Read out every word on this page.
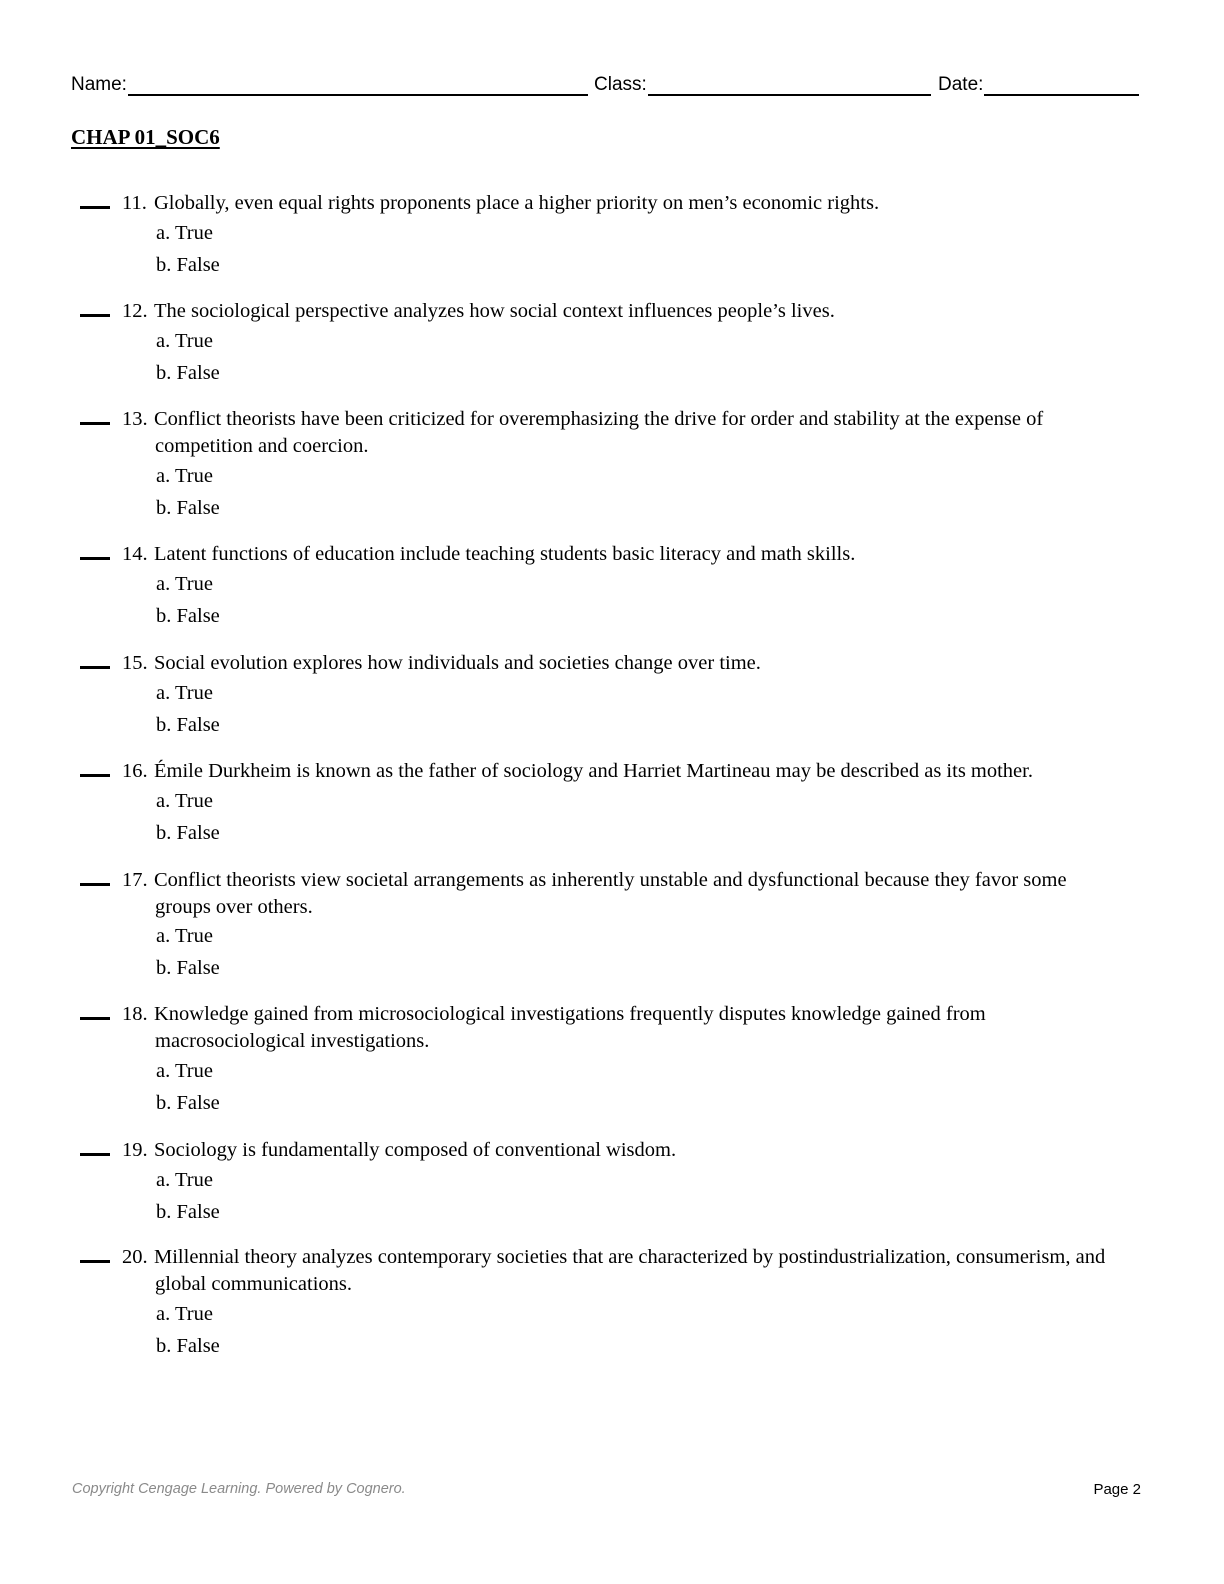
Name:	Class:	Date:
CHAP 01_SOC6
11. Globally, even equal rights proponents place a higher priority on men’s economic rights.
a. True
b. False
12. The sociological perspective analyzes how social context influences people’s lives.
a. True
b. False
13. Conflict theorists have been criticized for overemphasizing the drive for order and stability at the expense of competition and coercion.
a. True
b. False
14. Latent functions of education include teaching students basic literacy and math skills.
a. True
b. False
15. Social evolution explores how individuals and societies change over time.
a. True
b. False
16. Émile Durkheim is known as the father of sociology and Harriet Martineau may be described as its mother.
a. True
b. False
17. Conflict theorists view societal arrangements as inherently unstable and dysfunctional because they favor some groups over others.
a. True
b. False
18. Knowledge gained from microsociological investigations frequently disputes knowledge gained from macrosociological investigations.
a. True
b. False
19. Sociology is fundamentally composed of conventional wisdom.
a. True
b. False
20. Millennial theory analyzes contemporary societies that are characterized by postindustrialization, consumerism, and global communications.
a. True
b. False
Copyright Cengage Learning. Powered by Cognero.	Page 2
